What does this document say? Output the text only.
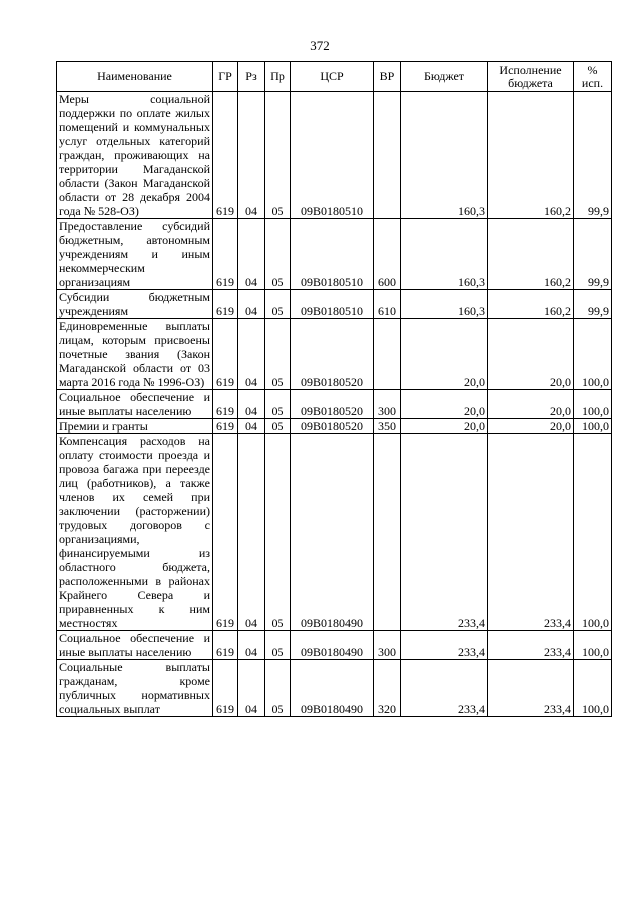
372
Наименование	ГР	Рз	Пр	ЦСР	ВР	Бюджет	Исполнение бюджета	% исп.
Меры социальной поддержки по оплате жилых помещений и коммунальных услуг отдельных категорий граждан, проживающих на территории Магаданской области (Закон Магаданской области от 28 декабря 2004 года № 528-ОЗ)	619	04	05	09В0180510		160,3	160,2	99,9
Предоставление субсидий бюджетным, автономным учреждениям и иным некоммерческим организациям	619	04	05	09В0180510	600	160,3	160,2	99,9
Субсидии бюджетным учреждениям	619	04	05	09В0180510	610	160,3	160,2	99,9
Единовременные выплаты лицам, которым присвоены почетные звания (Закон Магаданской области от 03 марта 2016 года № 1996-ОЗ)	619	04	05	09В0180520		20,0	20,0	100,0
Социальное обеспечение и иные выплаты населению	619	04	05	09В0180520	300	20,0	20,0	100,0
Премии и гранты	619	04	05	09В0180520	350	20,0	20,0	100,0
Компенсация расходов на оплату стоимости проезда и провоза багажа при переезде лиц (работников), а также членов их семей при заключении (расторжении) трудовых договоров с организациями, финансируемыми из областного бюджета, расположенными в районах Крайнего Севера и приравненных к ним местностях	619	04	05	09В0180490		233,4	233,4	100,0
Социальное обеспечение и иные выплаты населению	619	04	05	09В0180490	300	233,4	233,4	100,0
Социальные выплаты гражданам, кроме публичных нормативных социальных выплат	619	04	05	09В0180490	320	233,4	233,4	100,0
